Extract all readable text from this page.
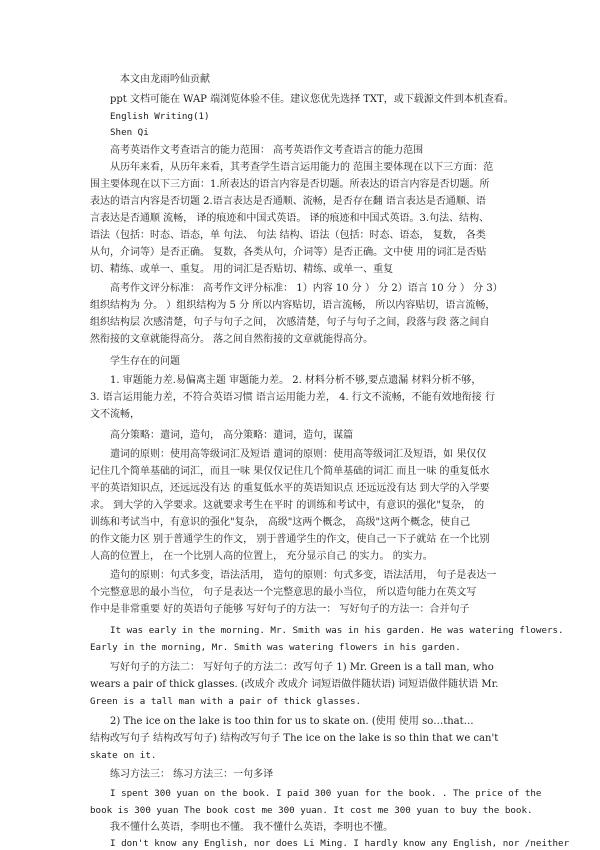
本文由龙雨吟仙贡献
ppt 文档可能在 WAP 端浏览体验不佳。建议您优先选择 TXT，或下载源文件到本机查看。
English Writing(1)
Shen Qi
高考英语作文考查语言的能力范围： 高考英语作文考查语言的能力范围
从历年来看，从历年来看，其考查学生语言运用能力的 范围主要体现在以下三方面：范
围主要体现在以下三方面：1.所表达的语言内容是否切题。所表达的语言内容是否切题。所
表达的语言内容是否切题 2.语言表达是否通顺、流畅，是否存在翻 语言表达是否通顺、语
言表达是否通顺 流畅， 译的痕迹和中国式英语。 译的痕迹和中国式英语。3.句法、结构、
语法（包括：时态、语态，单 句法、 句法 结构、语法（包括：时态、语态， 复数， 各类
从句，介词等）是否正确。 复数，各类从句，介词等）是否正确。文中使 用的词汇是否贴
切、精练、或单一、重复。 用的词汇是否贴切、精练、或单一、重复
高考作文评分标准： 高考作文评分标准： 1）内容 10 分 ） 分 2）语言 10 分 ） 分 3）
组织结构为 分。 ）组织结构为 5 分 所以内容贴切，语言流畅， 所以内容贴切，语言流畅，
组织结构层 次感清楚，句子与句子之间， 次感清楚，句子与句子之间，段落与段 落之间自
然衔接的文章就能得高分。 落之间自然衔接的文章就能得高分。
学生存在的问题
1. 审题能力差.易偏离主题 审题能力差。 2. 材料分析不够,要点遗漏 材料分析不够，
3. 语言运用能力差，不符合英语习惯 语言运用能力差， 4. 行文不流畅，不能有效地衔接 行
文不流畅，
高分策略：遣词，造句， 高分策略：遣词，造句，谋篇
遣词的原则：使用高等级词汇及短语 遣词的原则：使用高等级词汇及短语，如 果仅仅
记住几个简单基础的词汇，而且一味 果仅仅记住几个简单基础的词汇 而且一味 的重复低水
平的英语知识点，还远远没有达 的重复低水平的英语知识点 还远远没有达 到大学的入学要
求。 到大学的入学要求。这就要求考生在平时 的训练和考试中，有意识的强化"复杂， 的
训练和考试当中，有意识的强化"复杂， 高级"这两个概念， 高级"这两个概念，使自己
的作文能力区 别于普通学生的作文， 别于普通学生的作文，使自己一下子就站 在一个比别
人高的位置上， 在一个比别人高的位置上， 充分显示自己 的实力。 的实力。
造句的原则：句式多变，语法活用， 造句的原则：句式多变，语法活用， 句子是表达一
个完整意思的最小当位， 句子是表达一个完整意思的最小当位， 所以造句能力在英文写
作中是非常重要 好的英语句子能够 写好句子的方法一： 写好句子的方法一：合并句子
It was early in the morning. Mr. Smith was in his garden. He was watering flowers.
Early in the morning, Mr. Smith was watering flowers in his garden.
写好句子的方法二： 写好句子的方法二：改写句子 1) Mr. Green is a tall man, who
wears a pair of thick glasses. (改成介 改成介 词短语做伴随状语) 词短语做伴随状语 Mr.
Green is a tall man with a pair of thick glasses.
2) The ice on the lake is too thin for us to skate on. (使用 使用 so…that…
结构改写句子 结构改写句子) 结构改写句子 The ice on the lake is so thin that we can't
skate on it.
练习方法三： 练习方法三：一句多译
I spent 300 yuan on the book. I paid 300 yuan for the book. . The price of the
book is 300 yuan The book cost me 300 yuan. It cost me 300 yuan to buy the book.
我不懂什么英语，李明也不懂。 我不懂什么英语，李明也不懂。
I don't know any English, nor does Li Ming. I hardly know any English, nor /neither
